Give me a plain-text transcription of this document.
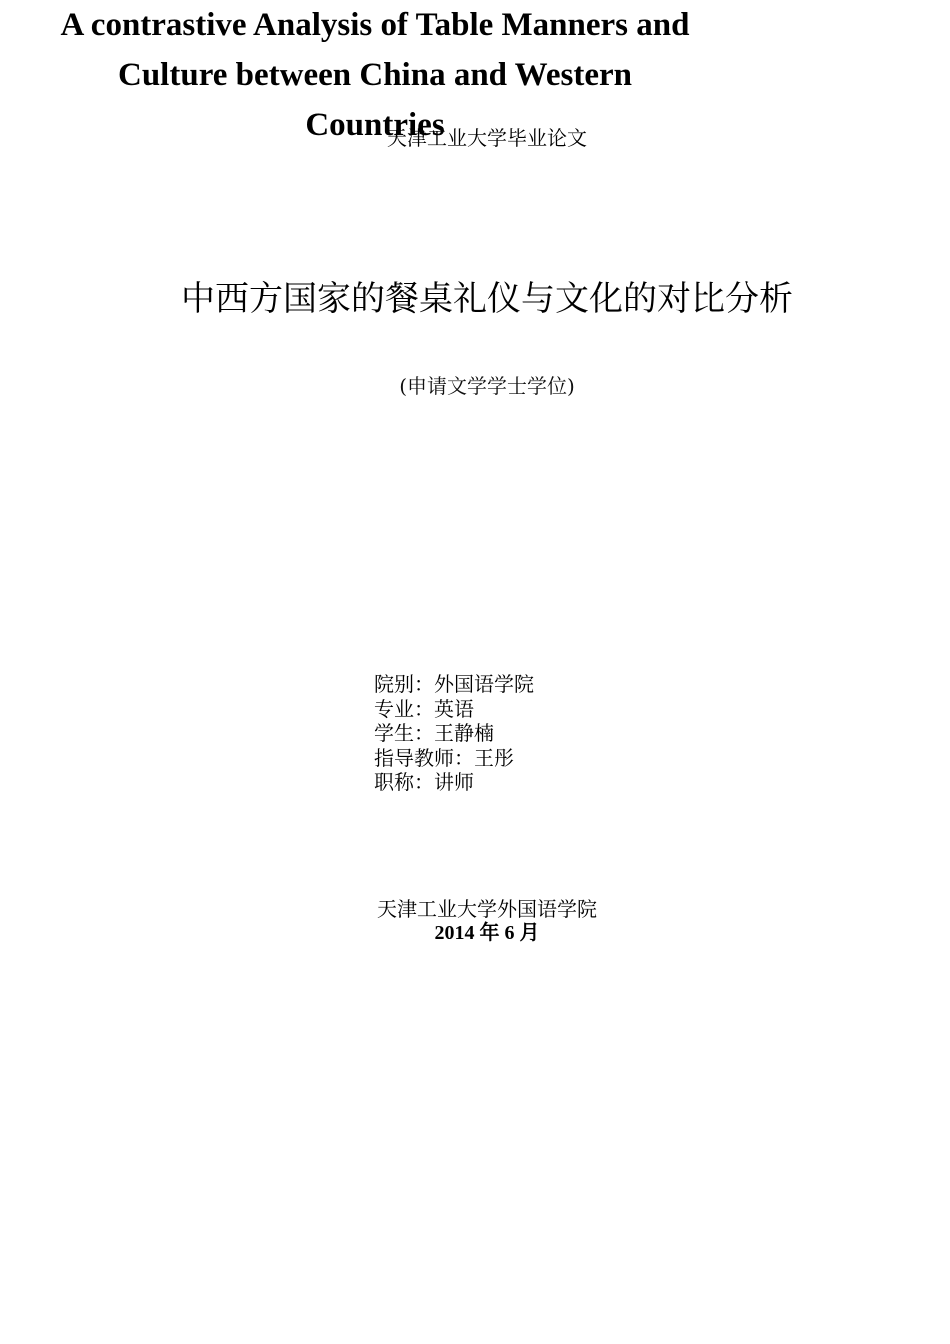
天津工业大学毕业论文
中西方国家的餐桌礼仪与文化的对比分析
(申请文学学士学位)
院别：外国语学院
专业：英语
学生：王静楠
指导教师：王彤
职称：讲师
天津工业大学外国语学院
2014 年 6 月
A contrastive Analysis of Table Manners and
Culture between China and Western
Countries
